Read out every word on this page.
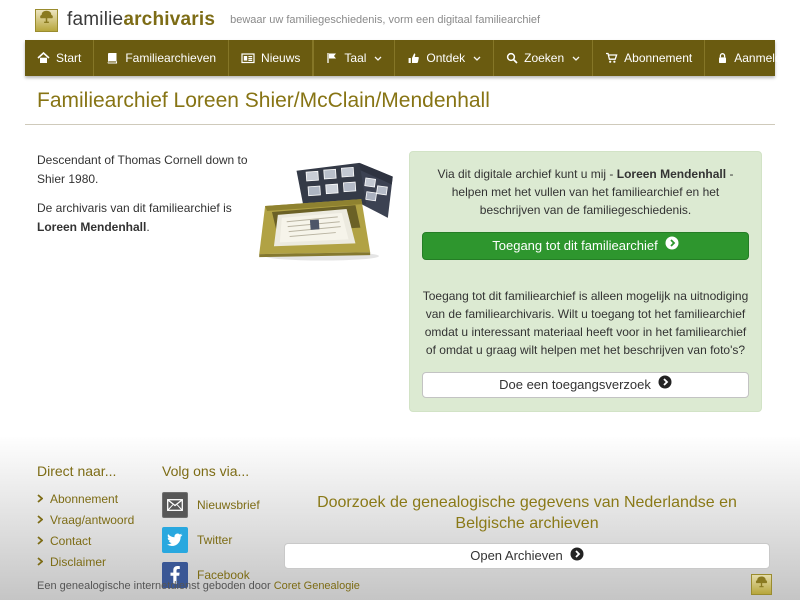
familiearchivaris bewaar uw familiegeschiedenis, vorm een digitaal familiearchief
Start	Familiearchieven	Nieuws	Taal	Ontdek	Zoeken	Abonnement	Aanmelden
Familiearchief Loreen Shier/McClain/Mendenhall

Descendant of Thomas Cornell down to Shier 1980.

De archivaris van dit familiearchief is Loreen Mendenhall.

Via dit digitale archief kunt u mij - Loreen Mendenhall - helpen met het vullen van het familiearchief en het beschrijven van de familiegeschiedenis.
Toegang tot dit familiearchief
Toegang tot dit familiearchief is alleen mogelijk na uitnodiging van de familiearchivaris. Wilt u toegang tot het familiearchief omdat u interessant materiaal heeft voor in het familiearchief of omdat u graag wilt helpen met het beschrijven van foto's?
Doe een toegangsverzoek
Direct naar...
Abonnement
Vraag/antwoord
Contact
Disclaimer
Volg ons via...
Nieuwsbrief
Twitter
Facebook
Doorzoek de genealogische gegevens van Nederlandse en Belgische archieven
Open Archieven
Een genealogische internetdienst geboden door Coret Genealogie
